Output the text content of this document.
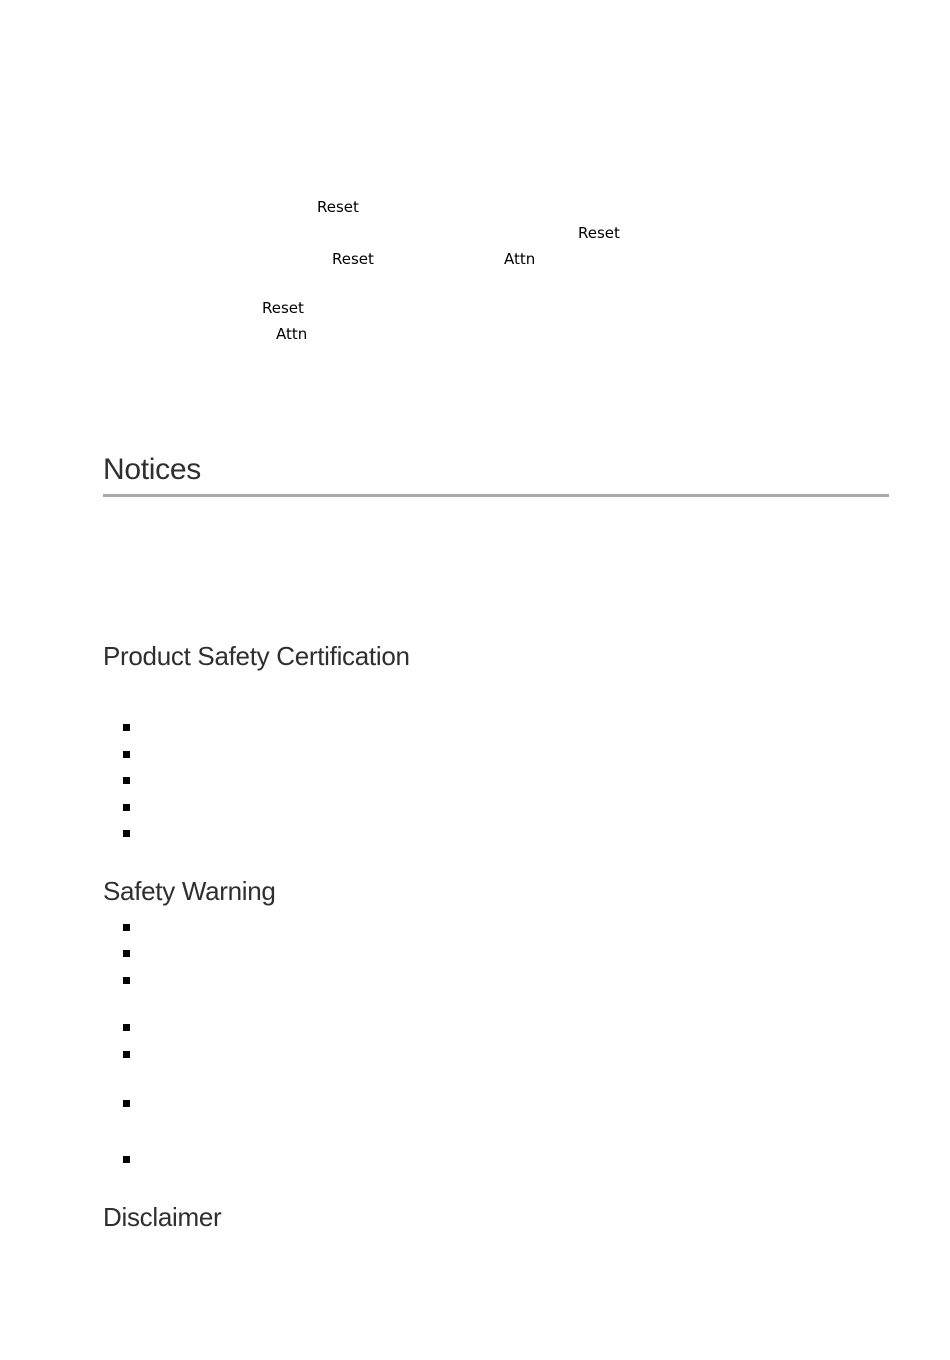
Reset
Reset
Reset	Attn
Reset
Attn
Notices
Product Safety Certification
Safety Warning
Disclaimer
